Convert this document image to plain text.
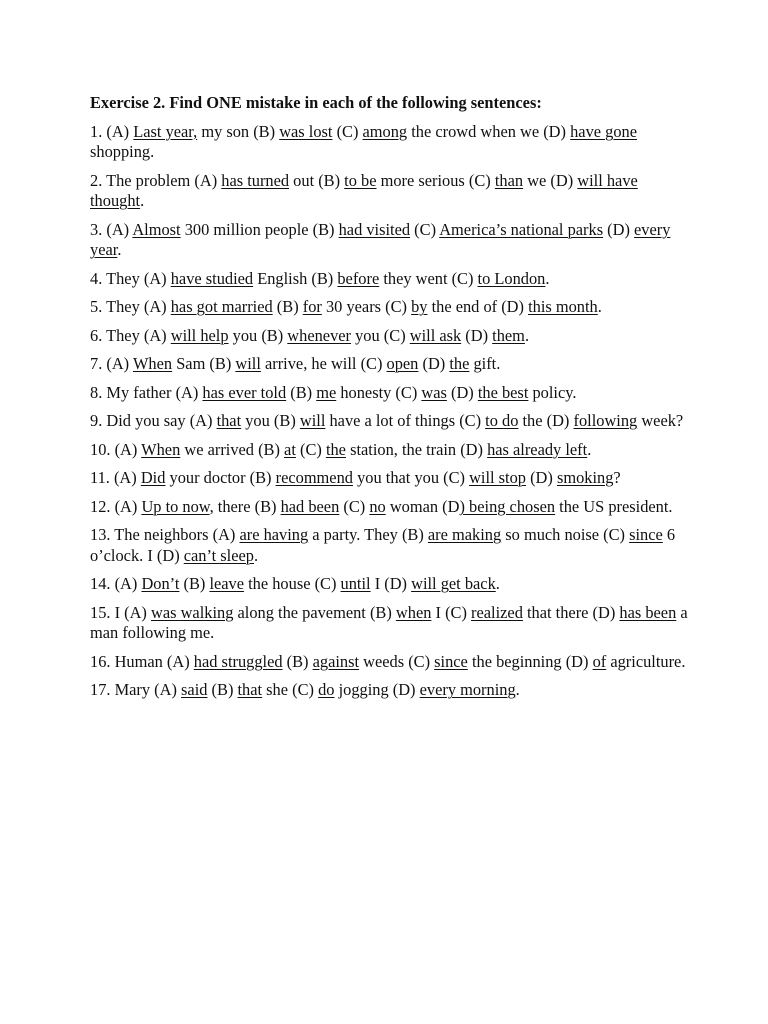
Exercise 2. Find ONE mistake in each of the following sentences:
1. (A) Last year, my son (B) was lost (C) among the crowd when we (D) have gone shopping.
2. The problem (A) has turned out (B) to be more serious (C) than we (D) will have thought.
3. (A) Almost 300 million people (B) had visited (C) America’s national parks (D) every year.
4. They (A) have studied English (B) before they went (C) to London.
5. They (A) has got married (B) for 30 years (C) by the end of (D) this month.
6. They (A) will help you (B) whenever you (C) will ask (D) them.
7. (A) When Sam (B) will arrive, he will (C) open (D) the gift.
8. My father (A) has ever told (B) me honesty (C) was (D) the best policy.
9. Did you say (A) that you (B) will have a lot of things (C) to do the (D) following week?
10. (A) When we arrived (B) at (C) the station, the train (D) has already left.
11. (A) Did your doctor (B) recommend you that you (C) will stop (D) smoking?
12. (A) Up to now, there (B) had been (C) no woman (D) being chosen the US president.
13. The neighbors (A) are having a party. They (B) are making so much noise (C) since 6 o’clock. I (D) can’t sleep.
14. (A) Don’t (B) leave the house (C) until I (D) will get back.
15. I (A) was walking along the pavement (B) when I (C) realized that there (D) has been a man following me.
16. Human (A) had struggled (B) against weeds (C) since the beginning (D) of agriculture.
17. Mary (A) said (B) that she (C) do jogging (D) every morning.
